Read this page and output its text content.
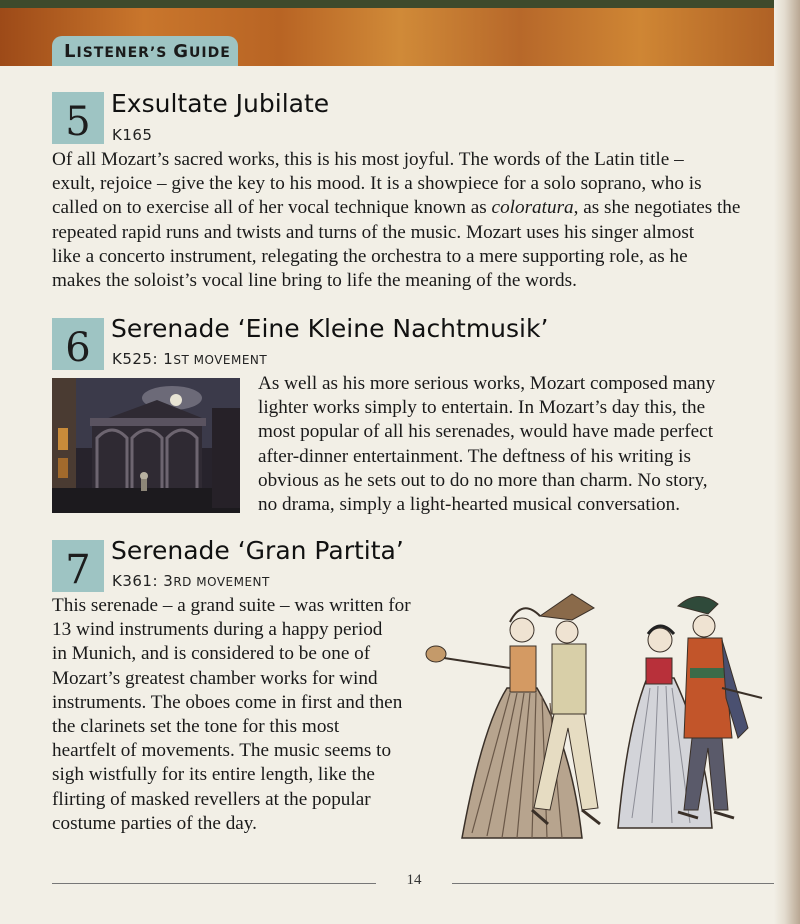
LISTENER’S GUIDE
5 Exsultate Jubilate
K165
Of all Mozart’s sacred works, this is his most joyful. The words of the Latin title –
exult, rejoice – give the key to his mood. It is a showpiece for a solo soprano, who is
called on to exercise all of her vocal technique known as coloratura, as she negotiates the
repeated rapid runs and twists and turns of the music. Mozart uses his singer almost
like a concerto instrument, relegating the orchestra to a mere supporting role, as he
makes the soloist’s vocal line bring to life the meaning of the words.
6 Serenade ‘Eine Kleine Nachtmusik’
K525: 1ST MOVEMENT
As well as his more serious works, Mozart composed many
lighter works simply to entertain. In Mozart’s day this, the
most popular of all his serenades, would have made perfect
after-dinner entertainment. The deftness of his writing is
obvious as he sets out to do no more than charm. No story,
no drama, simply a light-hearted musical conversation.
7 Serenade ‘Gran Partita’
K361: 3RD MOVEMENT
This serenade – a grand suite – was written for
13 wind instruments during a happy period
in Munich, and is considered to be one of
Mozart’s greatest chamber works for wind
instruments. The oboes come in first and then
the clarinets set the tone for this most
heartfelt of movements. The music seems to
sigh wistfully for its entire length, like the
flirting of masked revellers at the popular
costume parties of the day.
14
